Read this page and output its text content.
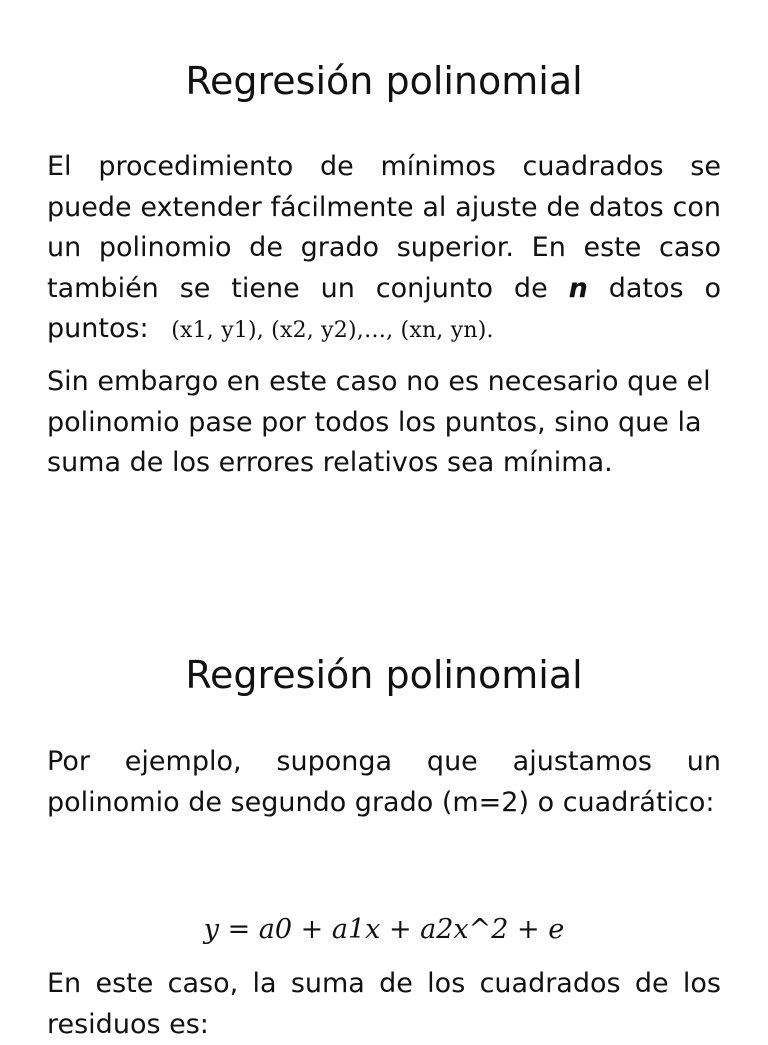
Regresión polinomial

El procedimiento de mínimos cuadrados se puede extender fácilmente al ajuste de datos con un polinomio de grado superior. En este caso también se tiene un conjunto de n datos o puntos: (x1, y1), (x2, y2),…, (xn, yn).

Sin embargo en este caso no es necesario que el polinomio pase por todos los puntos, sino que la suma de los errores relativos sea mínima.

Regresión polinomial

Por ejemplo, suponga que ajustamos un polinomio de segundo grado (m=2) o cuadrático:

y = a0 + a1x + a2x^2 + e

En este caso, la suma de los cuadrados de los residuos es:
